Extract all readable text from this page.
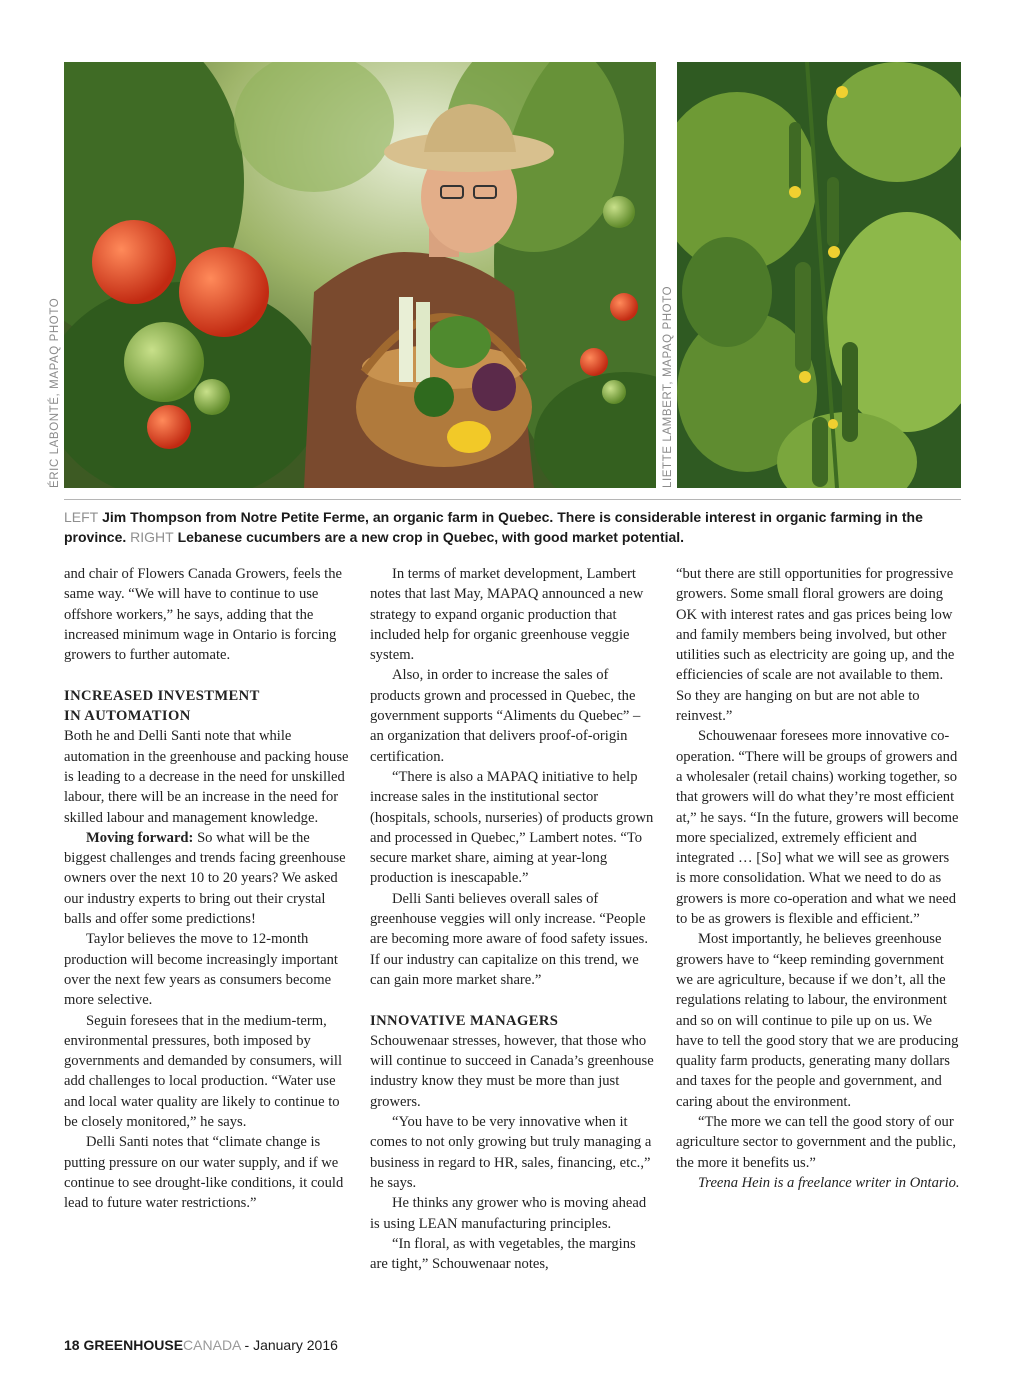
ÉRIC LABONTÉ, MAPAQ PHOTO	LIETTE LAMBERT, MAPAQ PHOTO
LEFT Jim Thompson from Notre Petite Ferme, an organic farm in Quebec. There is considerable interest in organic farming in the province. RIGHT Lebanese cucumbers are a new crop in Quebec, with good market potential.

and chair of Flowers Canada Growers, feels the same way. “We will have to continue to use offshore workers,” he says, adding that the increased minimum wage in Ontario is forcing growers to further automate.

INCREASED INVESTMENT
IN AUTOMATION

Both he and Delli Santi note that while automation in the greenhouse and packing house is leading to a decrease in the need for unskilled labour, there will be an increase in the need for skilled labour and management knowledge.

Moving forward: So what will be the biggest challenges and trends facing greenhouse owners over the next 10 to 20 years? We asked our industry experts to bring out their crystal balls and offer some predictions!

Taylor believes the move to 12-month production will become increasingly important over the next few years as consumers become more selective.

Seguin foresees that in the medium-term, environmental pressures, both imposed by governments and demanded by consumers, will add challenges to local production. “Water use and local water quality are likely to continue to be closely monitored,” he says.

Delli Santi notes that “climate change is putting pressure on our water supply, and if we continue to see drought-like conditions, it could lead to future water restrictions.”

In terms of market development, Lambert notes that last May, MAPAQ announced a new strategy to expand organic production that included help for organic greenhouse veggie system.

Also, in order to increase the sales of products grown and processed in Quebec, the government supports “Aliments du Quebec” – an organization that delivers proof-of-origin certification.

“There is also a MAPAQ initiative to help increase sales in the institutional sector (hospitals, schools, nurseries) of products grown and processed in Quebec,” Lambert notes. “To secure market share, aiming at year-long production is inescapable.”

Delli Santi believes overall sales of greenhouse veggies will only increase. “People are becoming more aware of food safety issues. If our industry can capitalize on this trend, we can gain more market share.”

INNOVATIVE MANAGERS

Schouwenaar stresses, however, that those who will continue to succeed in Canada’s greenhouse industry know they must be more than just growers.

“You have to be very innovative when it comes to not only growing but truly managing a business in regard to HR, sales, financing, etc.,” he says.

He thinks any grower who is moving ahead is using LEAN manufacturing principles.

“In floral, as with vegetables, the margins are tight,” Schouwenaar notes,

“but there are still opportunities for progressive growers. Some small floral growers are doing OK with interest rates and gas prices being low and family members being involved, but other utilities such as electricity are going up, and the efficiencies of scale are not available to them. So they are hanging on but are not able to reinvest.”

Schouwenaar foresees more innovative co-operation. “There will be groups of growers and a wholesaler (retail chains) working together, so that growers will do what they’re most efficient at,” he says. “In the future, growers will become more specialized, extremely efficient and integrated … [So] what we will see as growers is more consolidation. What we need to do as growers is more co-operation and what we need to be as growers is flexible and efficient.”

Most importantly, he believes greenhouse growers have to “keep reminding government we are agriculture, because if we don’t, all the regulations relating to labour, the environment and so on will continue to pile up on us. We have to tell the good story that we are producing quality farm products, generating many dollars and taxes for the people and government, and caring about the environment.

“The more we can tell the good story of our agriculture sector to government and the public, the more it benefits us.”

Treena Hein is a freelance writer in Ontario.

18 GREENHOUSECANADA - January 2016
